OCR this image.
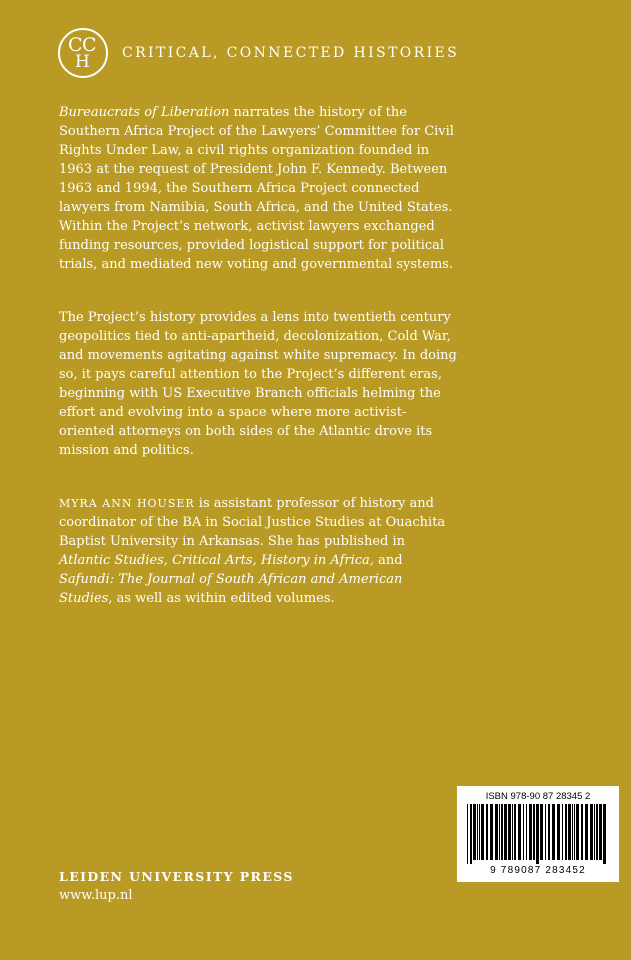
C C
H CRITICAL, CONNECTED HISTORIES
Bureaucrats of Liberation narrates the history of the Southern Africa Project of the Lawyers’ Committee for Civil Rights Under Law, a civil rights organization founded in 1963 at the request of President John F. Kennedy. Between 1963 and 1994, the Southern Africa Project connected lawyers from Namibia, South Africa, and the United States. Within the Project’s network, activist lawyers exchanged funding resources, provided logistical support for political trials, and mediated new voting and governmental systems.
The Project’s history provides a lens into twentieth century geopolitics tied to anti-apartheid, decolonization, Cold War, and movements agitating against white supremacy. In doing so, it pays careful attention to the Project’s different eras, beginning with US Executive Branch officials helming the effort and evolving into a space where more activist-oriented attorneys on both sides of the Atlantic drove its mission and politics.
MYRA ANN HOUSER is assistant professor of history and coordinator of the BA in Social Justice Studies at Ouachita Baptist University in Arkansas. She has published in Atlantic Studies, Critical Arts, History in Africa, and Safundi: The Journal of South African and American Studies, as well as within edited volumes.
LEIDEN UNIVERSITY PRESS
www.lup.nl
ISBN 978-90 87 28345 2
9 789087 283452
